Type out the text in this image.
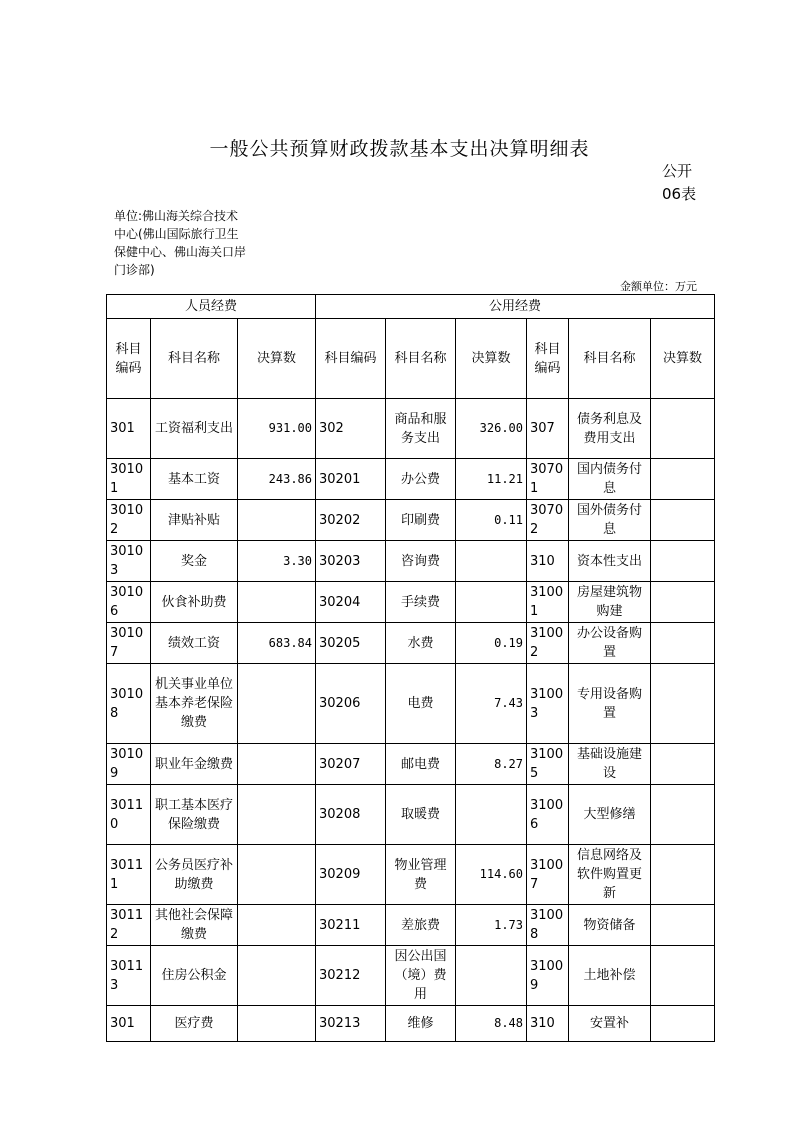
一般公共预算财政拨款基本支出决算明细表
公开
06表
单位:佛山海关综合技术中心(佛山国际旅行卫生保健中心、佛山海关口岸门诊部)
金额单位：万元
人员经费			公用经费					
科目编码	科目名称	决算数	科目编码	科目名称	决算数	科目编码	科目名称	决算数
301	工资福利支出	931.00	302	商品和服务支出	326.00	307	债务利息及费用支出	
30101	基本工资	243.86	30201	办公费	11.21	30701	国内债务付息	
30102	津贴补贴		30202	印刷费	0.11	30702	国外债务付息	
30103	奖金	3.30	30203	咨询费		310	资本性支出	
30106	伙食补助费		30204	手续费		31001	房屋建筑物购建	
30107	绩效工资	683.84	30205	水费	0.19	31002	办公设备购置	
30108	机关事业单位基本养老保险缴费		30206	电费	7.43	31003	专用设备购置	
30109	职业年金缴费		30207	邮电费	8.27	31005	基础设施建设	
30110	职工基本医疗保险缴费		30208	取暖费		31006	大型修缮	
30111	公务员医疗补助缴费		30209	物业管理费	114.60	31007	信息网络及软件购置更新	
30112	其他社会保障缴费		30211	差旅费	1.73	31008	物资储备	
30113	住房公积金		30212	因公出国（境）费用		31009	土地补偿	
301	医疗费		30213	维修	8.48	310	安置补	
